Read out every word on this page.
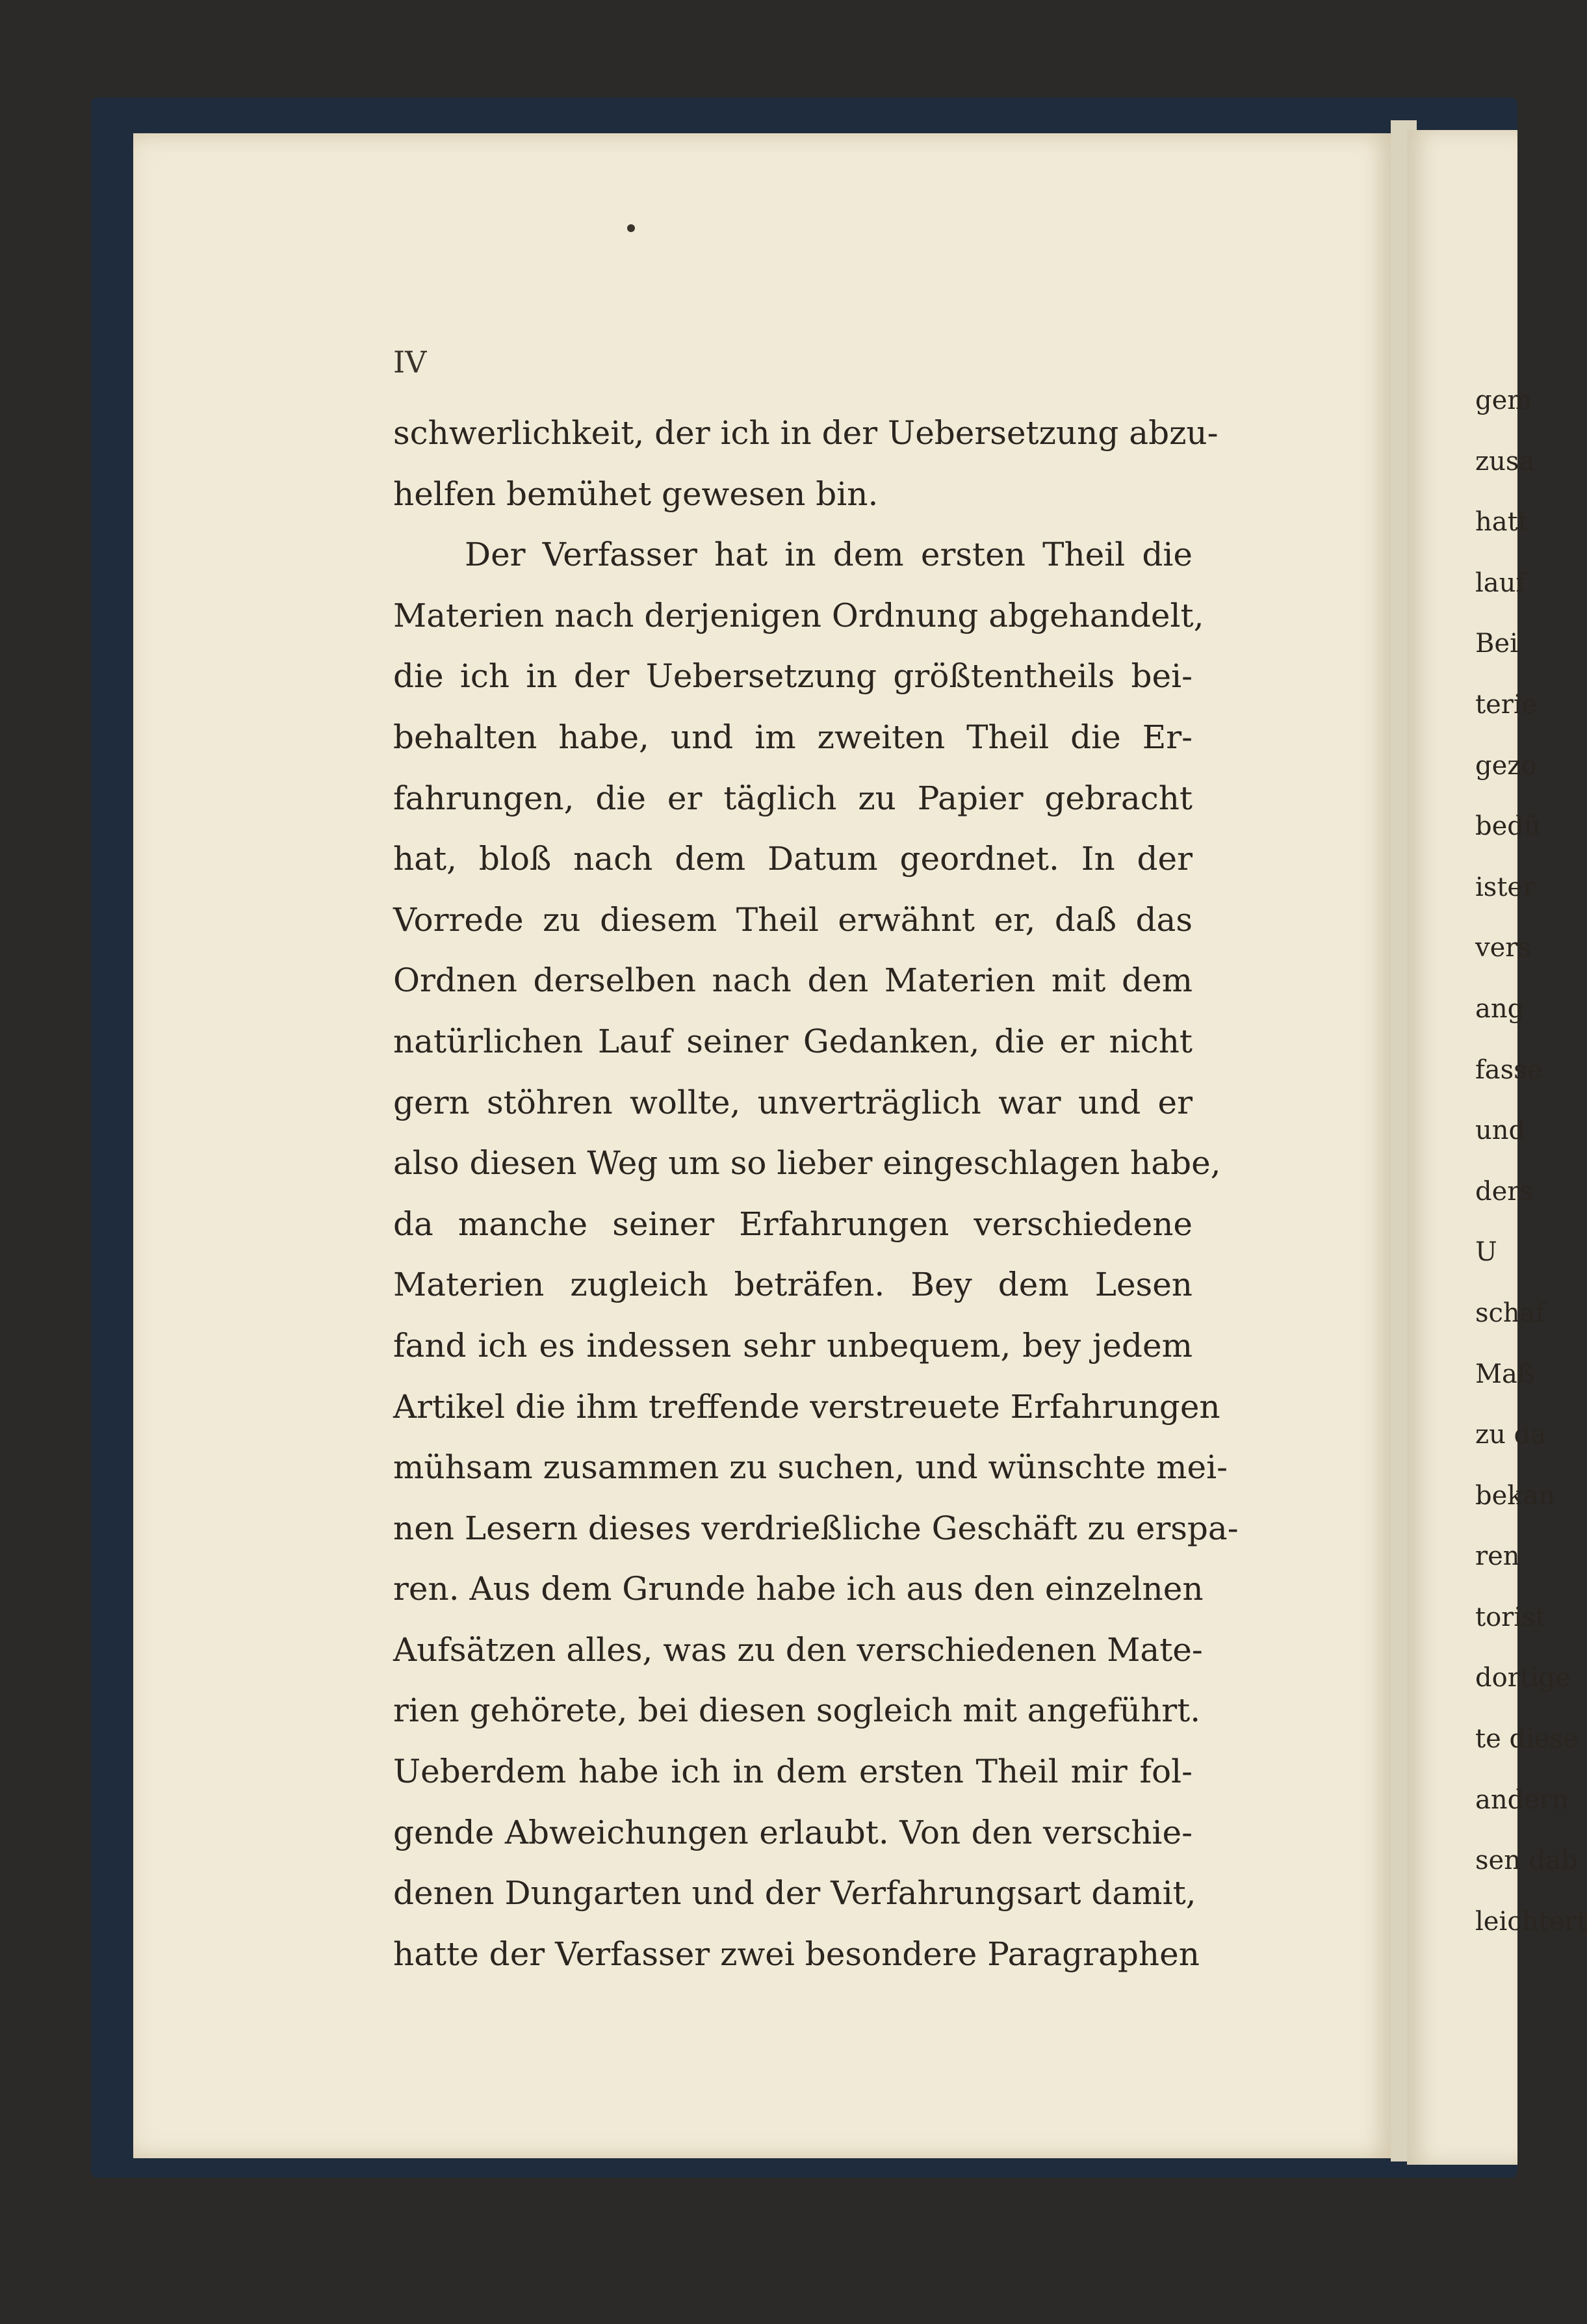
IV

schwerlichkeit, der ich in der Uebersetzung abzu-
helfen bemühet gewesen bin.
Der Verfasser hat in dem ersten Theil die
Materien nach derjenigen Ordnung abgehandelt,
die ich in der Uebersetzung größtentheils bei-
behalten habe, und im zweiten Theil die Er-
fahrungen, die er täglich zu Papier gebracht
hat, bloß nach dem Datum geordnet. In der
Vorrede zu diesem Theil erwähnt er, daß das
Ordnen derselben nach den Materien mit dem
natürlichen Lauf seiner Gedanken, die er nicht
gern stöhren wollte, unverträglich war und er
also diesen Weg um so lieber eingeschlagen habe,
da manche seiner Erfahrungen verschiedene
Materien zugleich beträfen. Bey dem Lesen
fand ich es indessen sehr unbequem, bey jedem
Artikel die ihm treffende verstreuete Erfahrungen
mühsam zusammen zu suchen, und wünschte mei-
nen Lesern dieses verdrießliche Geschäft zu erspa-
ren. Aus dem Grunde habe ich aus den einzelnen
Aufsätzen alles, was zu den verschiedenen Mate-
rien gehörete, bei diesen sogleich mit angeführt.
Ueberdem habe ich in dem ersten Theil mir fol-
gende Abweichungen erlaubt. Von den verschie-
denen Dungarten und der Verfahrungsart damit,
hatte der Verfasser zwei besondere Paragraphen
gem
zusa
hatt
lauf
Bei
terie
gezo
bedü
ister
vers
ang
fasse
und
ders
U
schaf
Maß
zu da
bekan
ren
torist
dortige
te diese
andern
sen dab
leichtert
